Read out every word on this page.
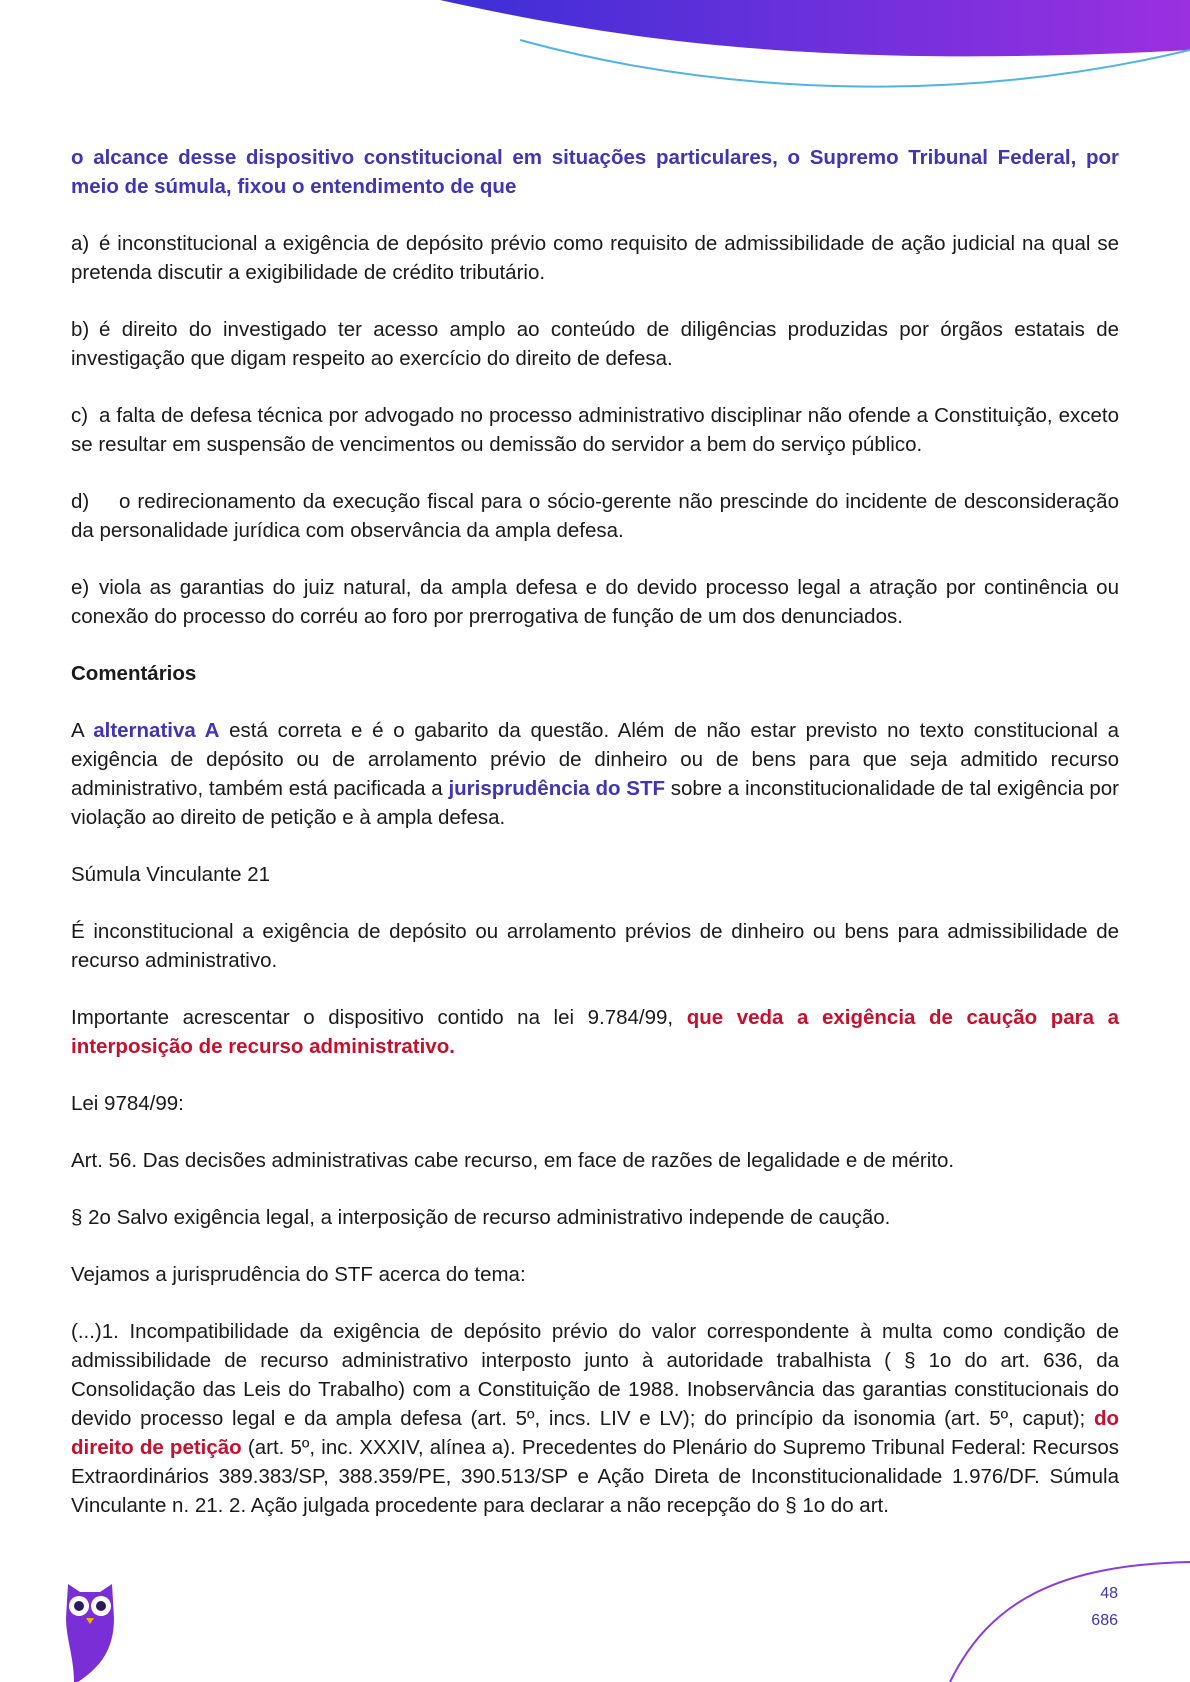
o alcance desse dispositivo constitucional em situações particulares, o Supremo Tribunal Federal, por meio de súmula, fixou o entendimento de que

a) é inconstitucional a exigência de depósito prévio como requisito de admissibilidade de ação judicial na qual se pretenda discutir a exigibilidade de crédito tributário.

b) é direito do investigado ter acesso amplo ao conteúdo de diligências produzidas por órgãos estatais de investigação que digam respeito ao exercício do direito de defesa.

c) a falta de defesa técnica por advogado no processo administrativo disciplinar não ofende a Constituição, exceto se resultar em suspensão de vencimentos ou demissão do servidor a bem do serviço público.

d) o redirecionamento da execução fiscal para o sócio-gerente não prescinde do incidente de desconsideração da personalidade jurídica com observância da ampla defesa.

e) viola as garantias do juiz natural, da ampla defesa e do devido processo legal a atração por continência ou conexão do processo do corréu ao foro por prerrogativa de função de um dos denunciados.

Comentários

A alternativa A está correta e é o gabarito da questão. Além de não estar previsto no texto constitucional a exigência de depósito ou de arrolamento prévio de dinheiro ou de bens para que seja admitido recurso administrativo, também está pacificada a jurisprudência do STF sobre a inconstitucionalidade de tal exigência por violação ao direito de petição e à ampla defesa.

Súmula Vinculante 21

É inconstitucional a exigência de depósito ou arrolamento prévios de dinheiro ou bens para admissibilidade de recurso administrativo.

Importante acrescentar o dispositivo contido na lei 9.784/99, que veda a exigência de caução para a interposição de recurso administrativo.

Lei 9784/99:

Art. 56. Das decisões administrativas cabe recurso, em face de razões de legalidade e de mérito.

§ 2o Salvo exigência legal, a interposição de recurso administrativo independe de caução.

Vejamos a jurisprudência do STF acerca do tema:

(...)1. Incompatibilidade da exigência de depósito prévio do valor correspondente à multa como condição de admissibilidade de recurso administrativo interposto junto à autoridade trabalhista ( § 1o do art. 636, da Consolidação das Leis do Trabalho) com a Constituição de 1988. Inobservância das garantias constitucionais do devido processo legal e da ampla defesa (art. 5º, incs. LIV e LV); do princípio da isonomia (art. 5º, caput); do direito de petição (art. 5º, inc. XXXIV, alínea a). Precedentes do Plenário do Supremo Tribunal Federal: Recursos Extraordinários 389.383/SP, 388.359/PE, 390.513/SP e Ação Direta de Inconstitucionalidade 1.976/DF. Súmula Vinculante n. 21. 2. Ação julgada procedente para declarar a não recepção do § 1o do art.

48
686
